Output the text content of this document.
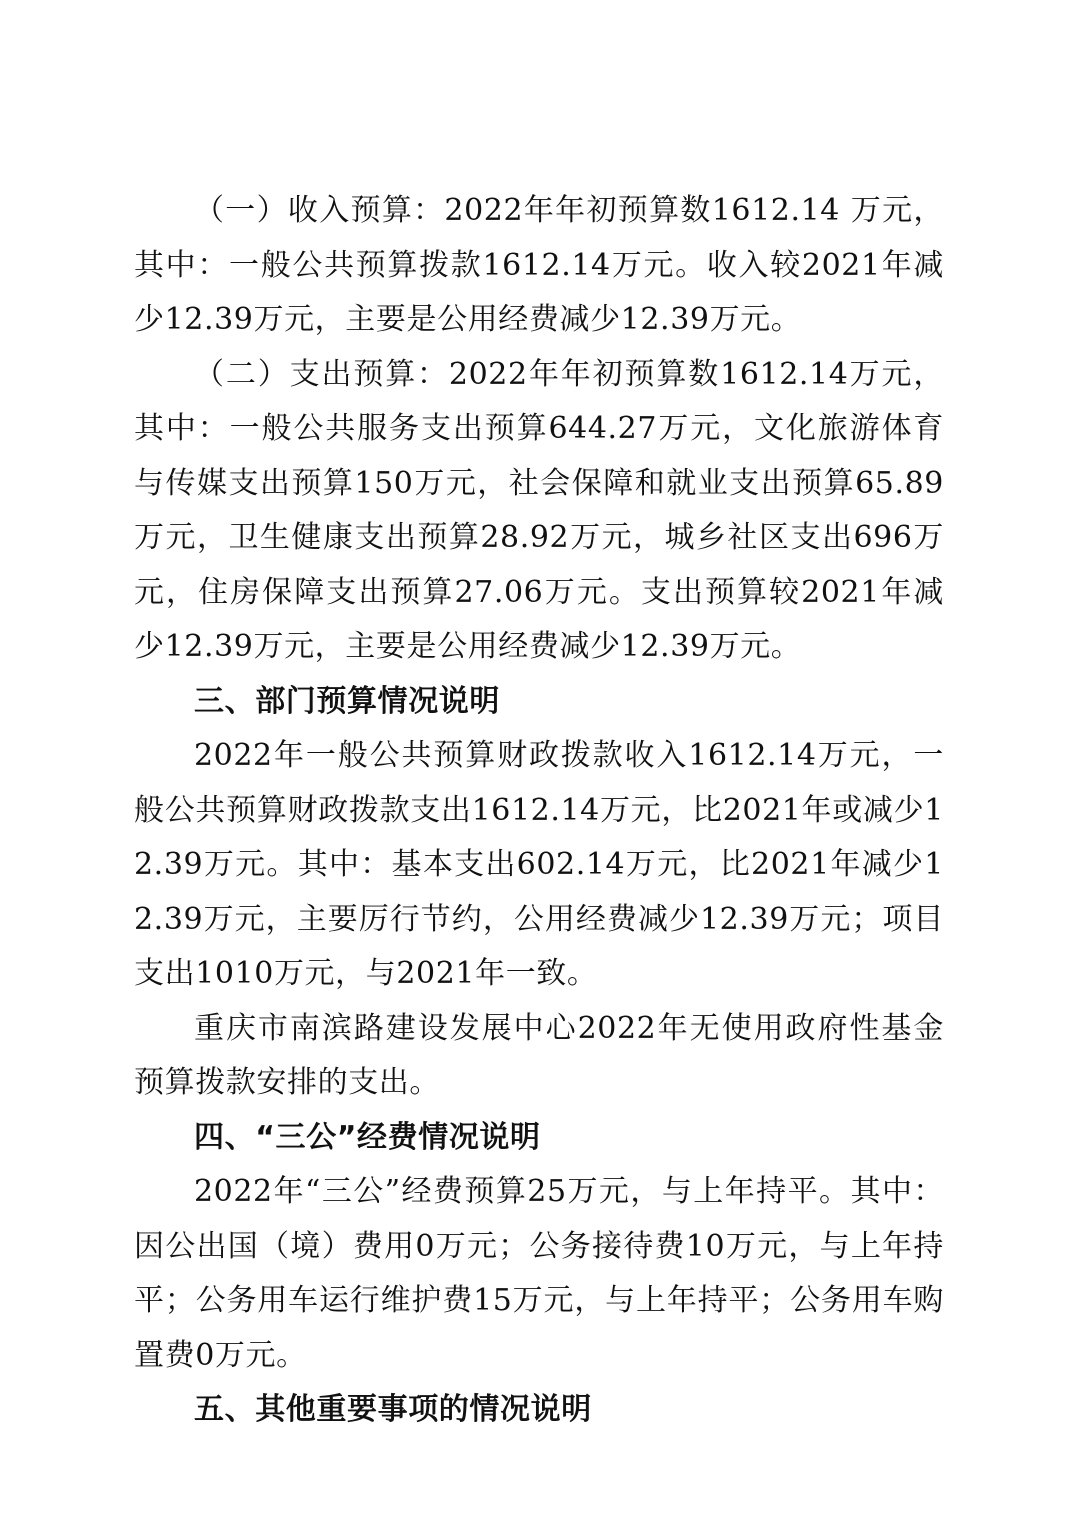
（一）收入预算：2022年年初预算数1612.14 万元，其中：一般公共预算拨款1612.14万元。收入较2021年减少12.39万元，主要是公用经费减少12.39万元。

（二）支出预算：2022年年初预算数1612.14万元，其中：一般公共服务支出预算644.27万元，文化旅游体育与传媒支出预算150万元，社会保障和就业支出预算65.89万元，卫生健康支出预算28.92万元，城乡社区支出696万元，住房保障支出预算27.06万元。支出预算较2021年减少12.39万元，主要是公用经费减少12.39万元。

三、部门预算情况说明

2022年一般公共预算财政拨款收入1612.14万元，一般公共预算财政拨款支出1612.14万元，比2021年或减少12.39万元。其中：基本支出602.14万元，比2021年减少12.39万元，主要厉行节约，公用经费减少12.39万元；项目支出1010万元，与2021年一致。

重庆市南滨路建设发展中心2022年无使用政府性基金预算拨款安排的支出。

四、“三公”经费情况说明

2022年“三公”经费预算25万元，与上年持平。其中：因公出国（境）费用0万元；公务接待费10万元，与上年持平；公务用车运行维护费15万元，与上年持平；公务用车购置费0万元。

五、其他重要事项的情况说明
